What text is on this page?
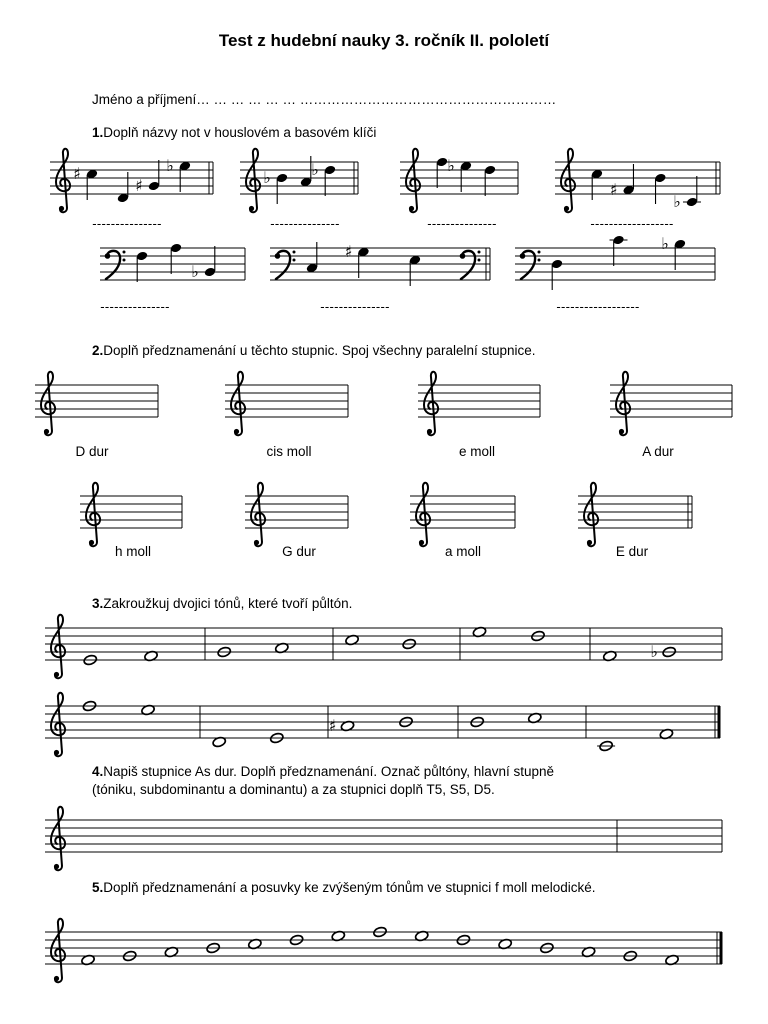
♯
♯
♭
♭	♭	♭
♯
♭
♭
♯	♭
♭
♯
Test z hudební nauky 3. ročník II. pololetí
Jméno a příjmení… … … … … … …………………………………………………
1.Doplň názvy not v houslovém a basovém klíči
---------------	---------------	---------------	------------------
---------------	---------------	------------------
2.Doplň předznamenání u těchto stupnic. Spoj všechny paralelní stupnice.
D dur	cis moll	e moll	A dur
h moll	G dur	a moll	E dur
3.Zakroužkuj dvojici tónů, které tvoří půltón.
4.Napiš stupnice As dur. Doplň předznamenání. Označ půltóny, hlavní stupně
(tóniku, subdominantu a dominantu) a za stupnici doplň T5, S5, D5.
5.Doplň předznamenání a posuvky ke zvýšeným tónům ve stupnici f moll melodické.
